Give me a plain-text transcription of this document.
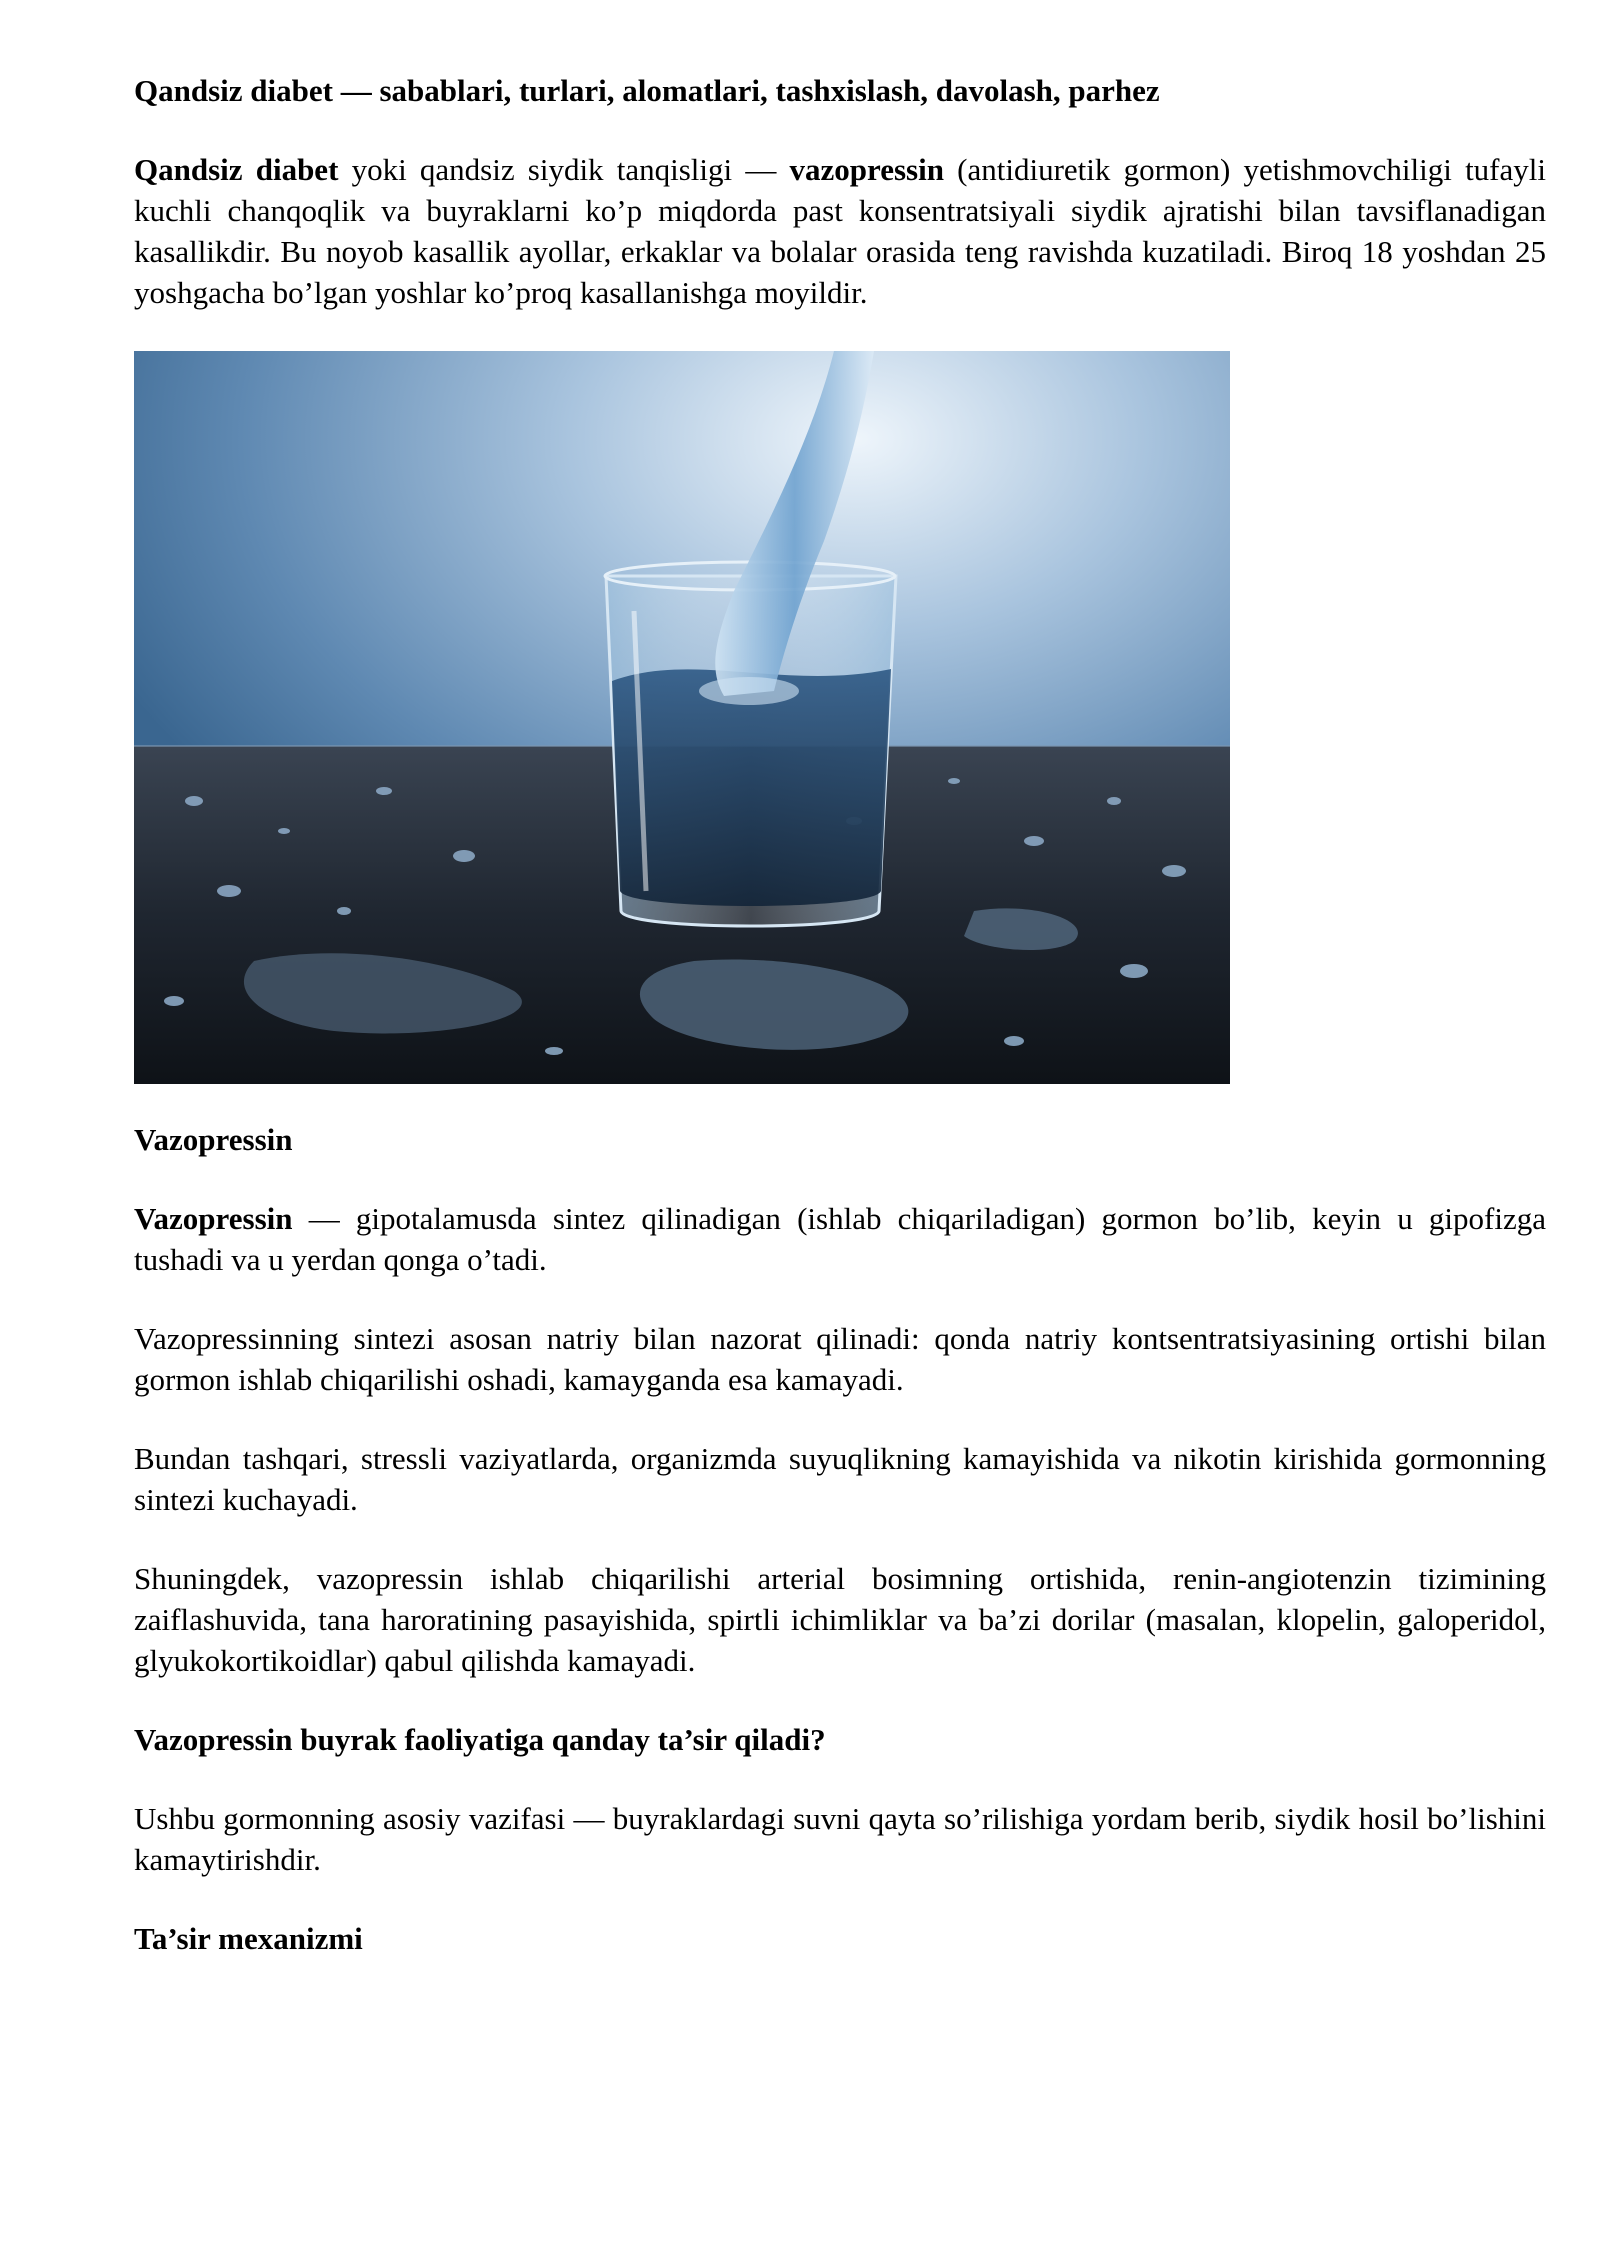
Qandsiz diabet — sabablari, turlari, alomatlari, tashxislash, davolash, parhez

Qandsiz diabet yoki qandsiz siydik tanqisligi — vazopressin (antidiuretik gormon) yetishmovchiligi tufayli kuchli chanqoqlik va buyraklarni ko’p miqdorda past konsentratsiyali siydik ajratishi bilan tavsiflanadigan kasallikdir. Bu noyob kasallik ayollar, erkaklar va bolalar orasida teng ravishda kuzatiladi. Biroq 18 yoshdan 25 yoshgacha bo’lgan yoshlar ko’proq kasallanishga moyildir.

Vazopressin

Vazopressin — gipotalamusda sintez qilinadigan (ishlab chiqariladigan) gormon bo’lib, keyin u gipofizga tushadi va u yerdan qonga o’tadi.

Vazopressinning sintezi asosan natriy bilan nazorat qilinadi: qonda natriy kontsentratsiyasining ortishi bilan gormon ishlab chiqarilishi oshadi, kamayganda esa kamayadi.

Bundan tashqari, stressli vaziyatlarda, organizmda suyuqlikning kamayishida va nikotin kirishida gormonning sintezi kuchayadi.

Shuningdek, vazopressin ishlab chiqarilishi arterial bosimning ortishida, renin-angiotenzin tizimining zaiflashuvida, tana haroratining pasayishida, spirtli ichimliklar va ba’zi dorilar (masalan, klopelin, galoperidol, glyukokortikoidlar) qabul qilishda kamayadi.

Vazopressin buyrak faoliyatiga qanday ta’sir qiladi?

Ushbu gormonning asosiy vazifasi — buyraklardagi suvni qayta so’rilishiga yordam berib, siydik hosil bo’lishini kamaytirishdir.

Ta’sir mexanizmi
